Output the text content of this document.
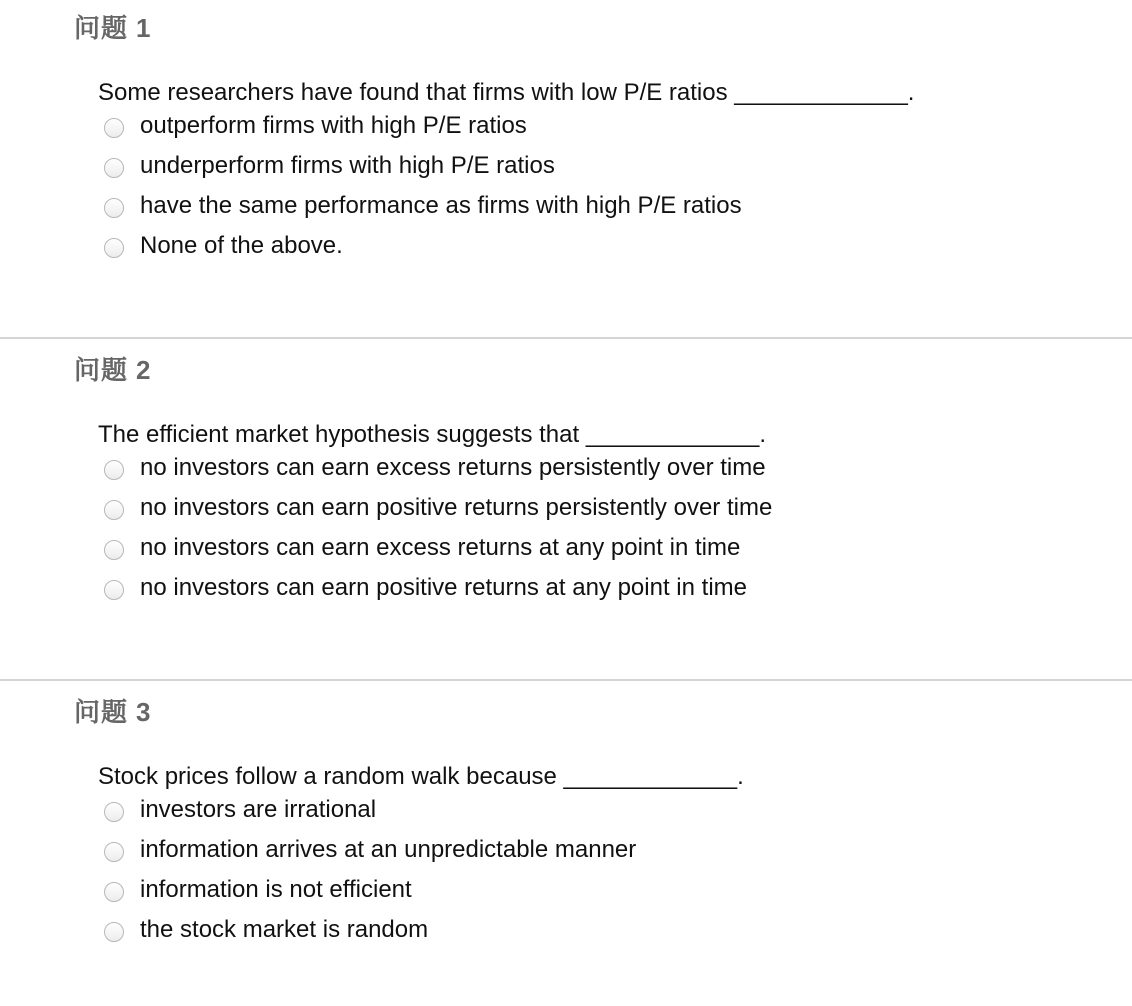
问题 1
Some researchers have found that firms with low P/E ratios _____________.
outperform firms with high P/E ratios
underperform firms with high P/E ratios
have the same performance as firms with high P/E ratios
None of the above.
问题 2
The efficient market hypothesis suggests that _____________.
no investors can earn excess returns persistently over time
no investors can earn positive returns persistently over time
no investors can earn excess returns at any point in time
no investors can earn positive returns at any point in time
问题 3
Stock prices follow a random walk because _____________.
investors are irrational
information arrives at an unpredictable manner
information is not efficient
the stock market is random
